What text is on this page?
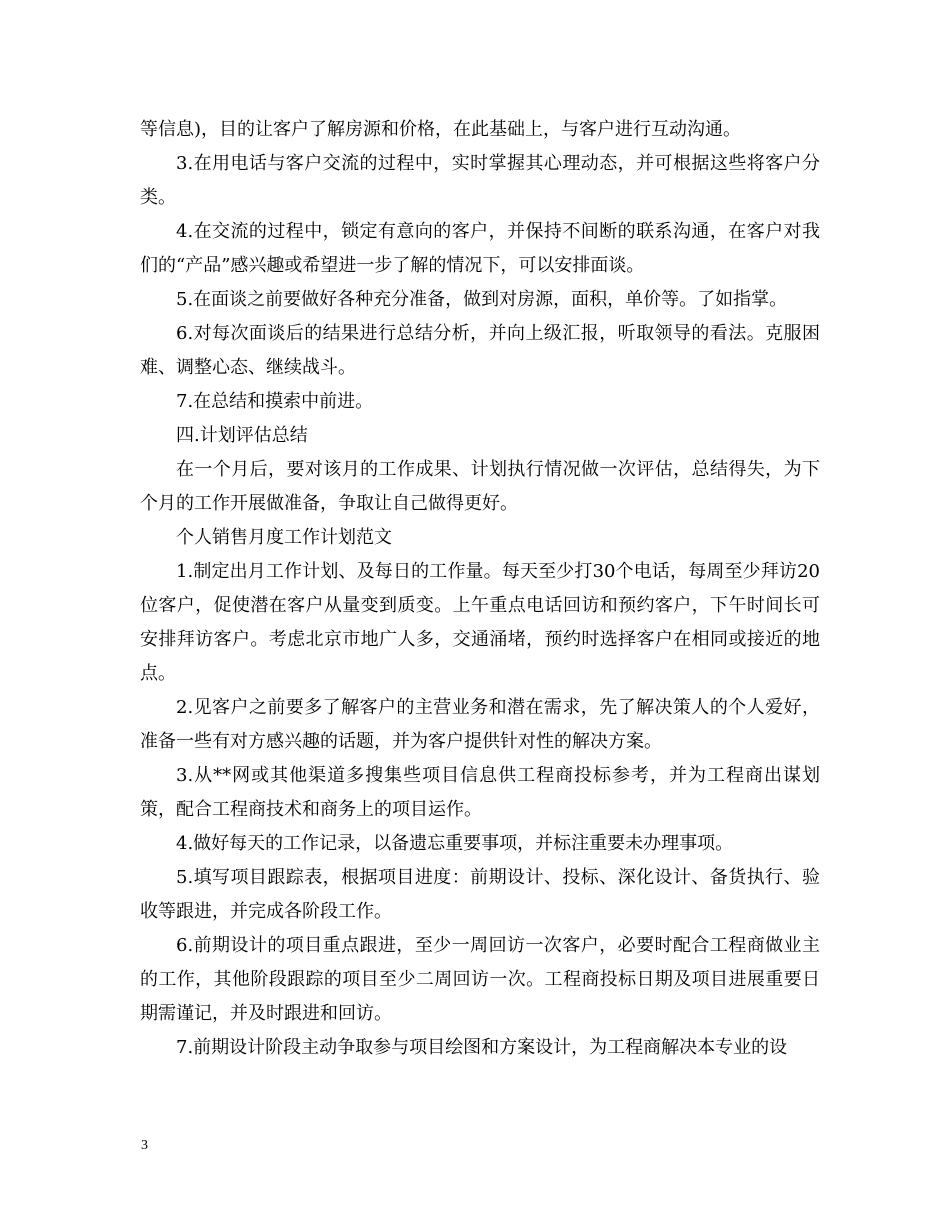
等信息)，目的让客户了解房源和价格，在此基础上，与客户进行互动沟通。

3.在用电话与客户交流的过程中，实时掌握其心理动态，并可根据这些将客户分类。

4.在交流的过程中，锁定有意向的客户，并保持不间断的联系沟通，在客户对我们的“产品”感兴趣或希望进一步了解的情况下，可以安排面谈。

5.在面谈之前要做好各种充分准备，做到对房源，面积，单价等。了如指掌。

6.对每次面谈后的结果进行总结分析，并向上级汇报，听取领导的看法。克服困难、调整心态、继续战斗。

7.在总结和摸索中前进。

四.计划评估总结

在一个月后，要对该月的工作成果、计划执行情况做一次评估，总结得失，为下个月的工作开展做准备，争取让自己做得更好。

个人销售月度工作计划范文

1.制定出月工作计划、及每日的工作量。每天至少打30个电话，每周至少拜访20位客户，促使潜在客户从量变到质变。上午重点电话回访和预约客户，下午时间长可安排拜访客户。考虑北京市地广人多，交通涌堵，预约时选择客户在相同或接近的地点。

2.见客户之前要多了解客户的主营业务和潜在需求，先了解决策人的个人爱好，准备一些有对方感兴趣的话题，并为客户提供针对性的解决方案。

3.从**网或其他渠道多搜集些项目信息供工程商投标参考，并为工程商出谋划策，配合工程商技术和商务上的项目运作。

4.做好每天的工作记录，以备遗忘重要事项，并标注重要未办理事项。

5.填写项目跟踪表，根据项目进度：前期设计、投标、深化设计、备货执行、验收等跟进，并完成各阶段工作。

6.前期设计的项目重点跟进，至少一周回访一次客户，必要时配合工程商做业主的工作，其他阶段跟踪的项目至少二周回访一次。工程商投标日期及项目进展重要日期需谨记，并及时跟进和回访。

7.前期设计阶段主动争取参与项目绘图和方案设计，为工程商解决本专业的设

3
